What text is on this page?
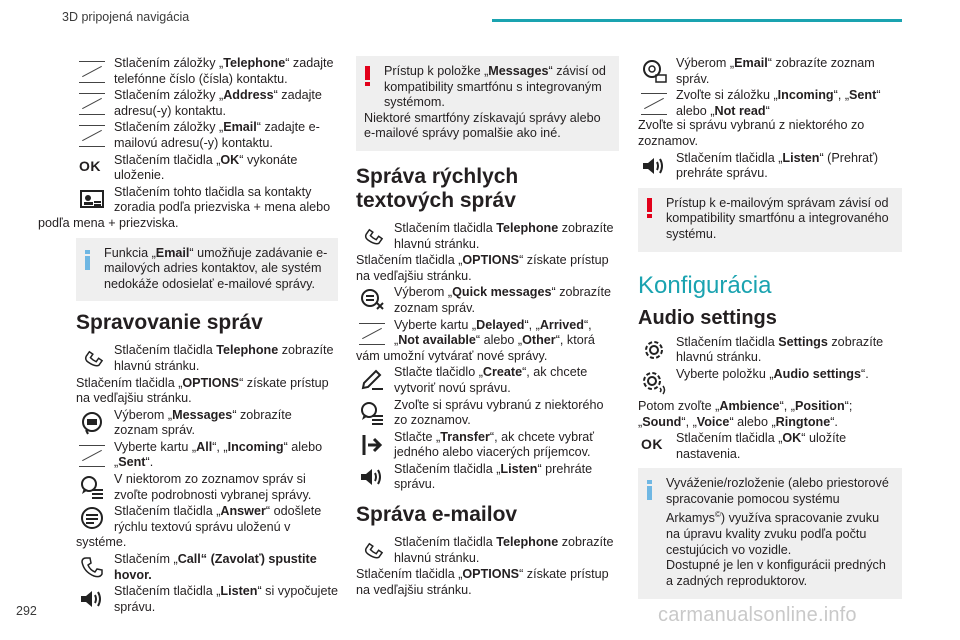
3D pripojená navigácia
Stlačením záložky „Telephone“ zadajte telefónne číslo (čísla) kontaktu.
Stlačením záložky „Address“ zadajte adresu(-y) kontaktu.
Stlačením záložky „Email“ zadajte e-mailovú adresu(-y) kontaktu.
OK Stlačením tlačidla „OK“ vykonáte uloženie.
Stlačením tohto tlačidla sa kontakty zoradia podľa priezviska + mena alebo podľa mena + priezviska.
Funkcia „Email“ umožňuje zadávanie e-mailových adries kontaktov, ale systém nedokáže odosielať e-mailové správy.
Spravovanie správ
Stlačením tlačidla Telephone zobrazíte hlavnú stránku.
Stlačením tlačidla „OPTIONS“ získate prístup na vedľajšiu stránku.
Výberom „Messages“ zobrazíte zoznam správ.
Vyberte kartu „All“, „Incoming“ alebo „Sent“.
V niektorom zo zoznamov správ si zvoľte podrobnosti vybranej správy.
Stlačením tlačidla „Answer“ odošlete rýchlu textovú správu uloženú v systéme.
Stlačením „Call“ (Zavolať) spustite hovor.
Stlačením tlačidla „Listen“ si vypočujete správu.
Prístup k položke „Messages“ závisí od kompatibility smartfónu s integrovaným systémom.
Niektoré smartfóny získavajú správy alebo e-mailové správy pomalšie ako iné.
Správa rýchlych textových správ
Stlačením tlačidla Telephone zobrazíte hlavnú stránku.
Stlačením tlačidla „OPTIONS“ získate prístup na vedľajšiu stránku.
Výberom „Quick messages“ zobrazíte zoznam správ.
Vyberte kartu „Delayed“, „Arrived“, „Not available“ alebo „Other“, ktorá vám umožní vytvárať nové správy.
Stlačte tlačidlo „Create“, ak chcete vytvoriť novú správu.
Zvoľte si správu vybranú z niektorého zo zoznamov.
Stlačte „Transfer“, ak chcete vybrať jedného alebo viacerých príjemcov.
Stlačením tlačidla „Listen“ prehráte správu.
Správa e-mailov
Stlačením tlačidla Telephone zobrazíte hlavnú stránku.
Stlačením tlačidla „OPTIONS“ získate prístup na vedľajšiu stránku.
Výberom „Email“ zobrazíte zoznam správ.
Zvoľte si záložku „Incoming“, „Sent“ alebo „Not read“
Zvoľte si správu vybranú z niektorého zo zoznamov.
Stlačením tlačidla „Listen“ (Prehrať) prehráte správu.
Prístup k e-mailovým správam závisí od kompatibility smartfónu a integrovaného systému.
Konfigurácia
Audio settings
Stlačením tlačidla Settings zobrazíte hlavnú stránku.
Vyberte položku „Audio settings“.
Potom zvoľte „Ambience“, „Position“; „Sound“, „Voice“ alebo „Ringtone“.
OK Stlačením tlačidla „OK“ uložíte nastavenia.
Vyváženie/rozloženie (alebo priestorové spracovanie pomocou systému Arkamys©) využíva spracovanie zvuku na úpravu kvality zvuku podľa počtu cestujúcich vo vozidle.
Dostupné je len v konfigurácii predných a zadných reproduktorov.
292	carmanualsonline.info
